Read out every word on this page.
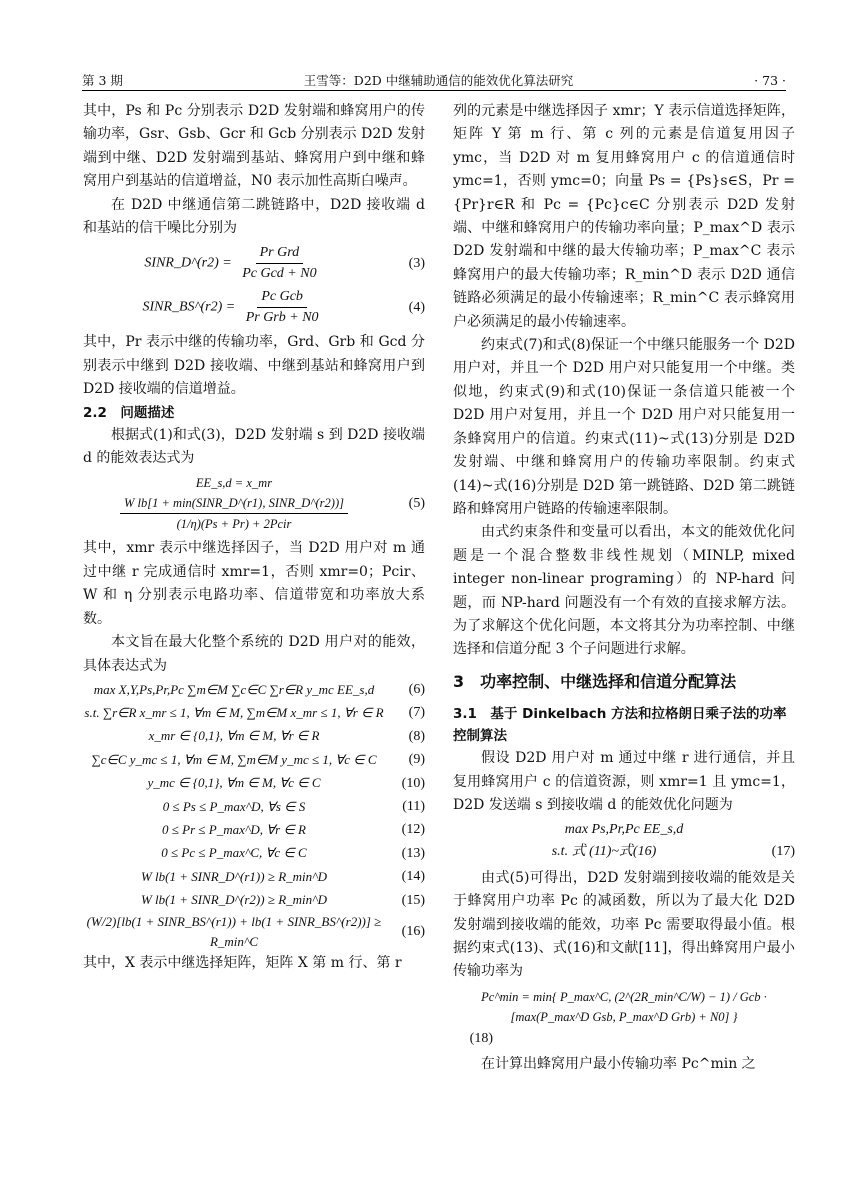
第 3 期	王雪等：D2D 中继辅助通信的能效优化算法研究	· 73 ·

其中，Ps 和 Pc 分别表示 D2D 发射端和蜂窝用户的传输功率，Gsr、Gsb、Gcr 和 Gcb 分别表示 D2D 发射端到中继、D2D 发射端到基站、蜂窝用户到中继和蜂窝用户到基站的信道增益，N0 表示加性高斯白噪声。

在 D2D 中继通信第二跳链路中，D2D 接收端 d 和基站的信干噪比分别为

SINR_D^(r2) = $\frac{\text{Pr Grd}}{\text{Pc Gcd + N0}}$	(3)
SINR_BS^(r2) = $\frac{\text{Pc Gcb}}{\text{Pr Grb + N0}}$	(4)

其中，Pr 表示中继的传输功率，Grd、Grb 和 Gcd 分别表示中继到 D2D 接收端、中继到基站和蜂窝用户到 D2D 接收端的信道增益。

2.2　问题描述

根据式(1)和式(3)，D2D 发射端 s 到 D2D 接收端 d 的能效表达式为

EE_s,d = x_mr
$\frac{\text{W lb[1 + min(SINR\_D\textasciicircum{}(r1), SINR\_D\textasciicircum{}(r2))]}}{\text{(1/η)(Ps + Pr) + 2Pcir}}$	(5)

其中，xmr 表示中继选择因子，当 D2D 用户对 m 通过中继 r 完成通信时 xmr=1，否则 xmr=0；Pcir、W 和 η 分别表示电路功率、信道带宽和功率放大系数。

本文旨在最大化整个系统的 D2D 用户对的能效，具体表达式为

max X,Y,Ps,Pr,Pc ∑m∈M ∑c∈C ∑r∈R y_mc EE_s,d	(6)
s.t. ∑r∈R x_mr ≤ 1, ∀m ∈ M, ∑m∈M x_mr ≤ 1, ∀r ∈ R	(7)
x_mr ∈ {0,1}, ∀m ∈ M, ∀r ∈ R	(8)
∑c∈C y_mc ≤ 1, ∀m ∈ M, ∑m∈M y_mc ≤ 1, ∀c ∈ C	(9)
y_mc ∈ {0,1}, ∀m ∈ M, ∀c ∈ C	(10)
0 ≤ Ps ≤ P_max^D, ∀s ∈ S	(11)
0 ≤ Pr ≤ P_max^D, ∀r ∈ R	(12)
0 ≤ Pc ≤ P_max^C, ∀c ∈ C	(13)
W lb(1 + SINR_D^(r1)) ≥ R_min^D	(14)
W lb(1 + SINR_D^(r2)) ≥ R_min^D	(15)
(W/2)[lb(1 + SINR_BS^(r1)) + lb(1 + SINR_BS^(r2))] ≥ R_min^C
(16)

其中，X 表示中继选择矩阵，矩阵 X 第 m 行、第 r

列的元素是中继选择因子 xmr；Y 表示信道选择矩阵，矩阵 Y 第 m 行、第 c 列的元素是信道复用因子 ymc，当 D2D 对 m 复用蜂窝用户 c 的信道通信时 ymc=1，否则 ymc=0；向量 Ps = {Ps}s∈S，Pr = {Pr}r∈R 和 Pc = {Pc}c∈C 分别表示 D2D 发射端、中继和蜂窝用户的传输功率向量；P_max^D 表示 D2D 发射端和中继的最大传输功率；P_max^C 表示蜂窝用户的最大传输功率；R_min^D 表示 D2D 通信链路必须满足的最小传输速率；R_min^C 表示蜂窝用户必须满足的最小传输速率。

约束式(7)和式(8)保证一个中继只能服务一个 D2D 用户对，并且一个 D2D 用户对只能复用一个中继。类似地，约束式(9)和式(10)保证一条信道只能被一个 D2D 用户对复用，并且一个 D2D 用户对只能复用一条蜂窝用户的信道。约束式(11)~式(13)分别是 D2D 发射端、中继和蜂窝用户的传输功率限制。约束式(14)~式(16)分别是 D2D 第一跳链路、D2D 第二跳链路和蜂窝用户链路的传输速率限制。

由式约束条件和变量可以看出，本文的能效优化问题是一个混合整数非线性规划（MINLP, mixed integer non-linear programing）的 NP-hard 问题，而 NP-hard 问题没有一个有效的直接求解方法。为了求解这个优化问题，本文将其分为功率控制、中继选择和信道分配 3 个子问题进行求解。

3　功率控制、中继选择和信道分配算法
3.1　基于 Dinkelbach 方法和拉格朗日乘子法的功率控制算法

假设 D2D 用户对 m 通过中继 r 进行通信，并且复用蜂窝用户 c 的信道资源，则 xmr=1 且 ymc=1，D2D 发送端 s 到接收端 d 的能效优化问题为

max Ps,Pr,Pc EE_s,d
s.t. 式 (11)~式(16)	(17)

由式(5)可得出，D2D 发射端到接收端的能效是关于蜂窝用户功率 Pc 的减函数，所以为了最大化 D2D 发射端到接收端的能效，功率 Pc 需要取得最小值。根据约束式(13)、式(16)和文献[11]，得出蜂窝用户最小传输功率为

Pc^min = min{ P_max^C, (2^(2R_min^C/W) − 1) / Gcb · [max(P_max^D Gsb, P_max^D Grb) + N0] }
(18)

在计算出蜂窝用户最小传输功率 Pc^min 之
